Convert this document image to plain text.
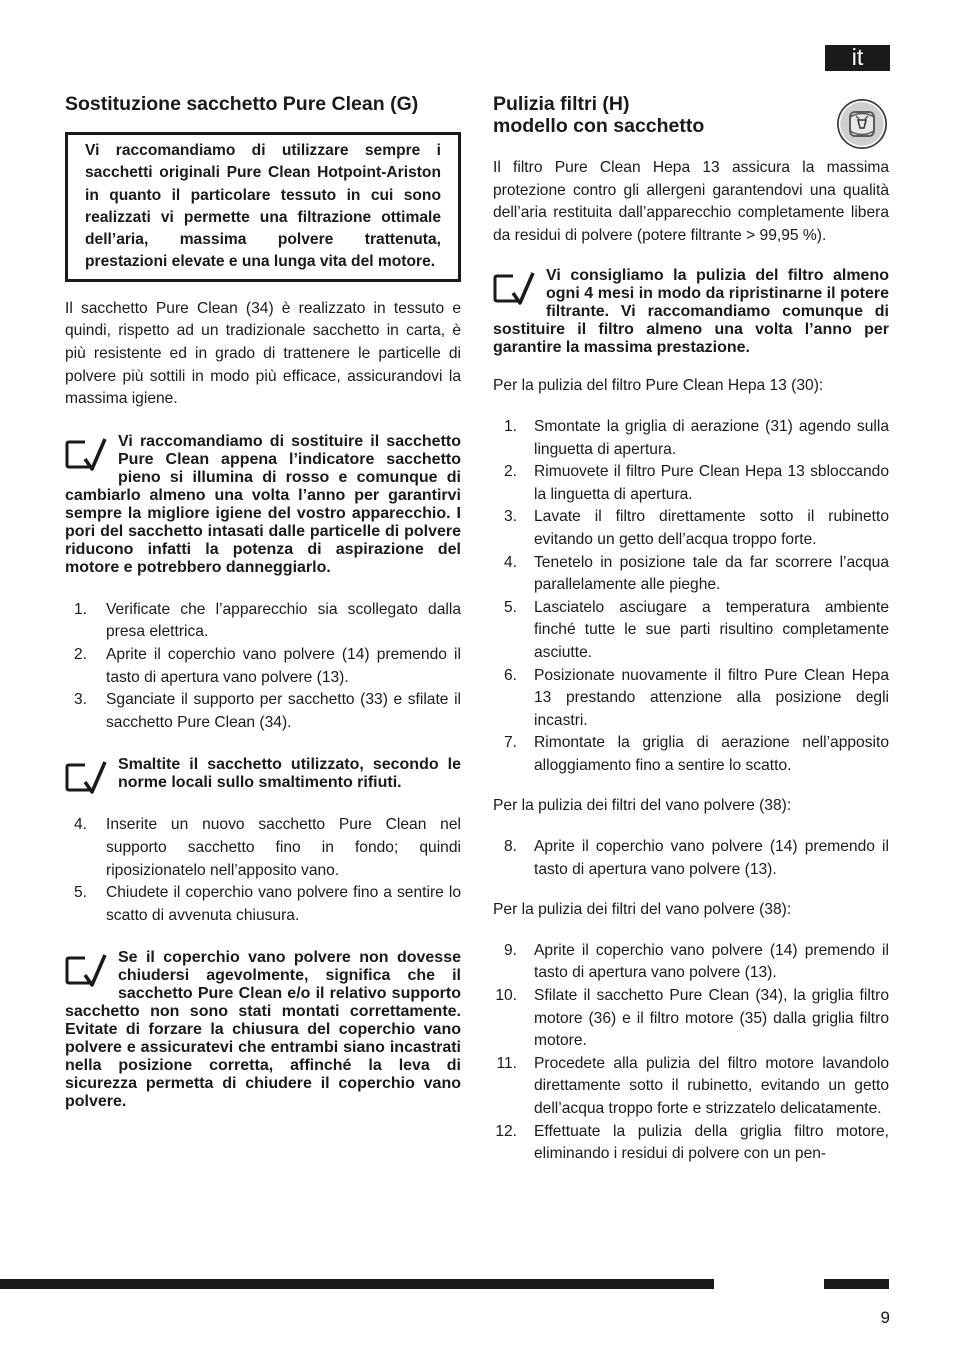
it
Sostituzione sacchetto Pure Clean (G)
Vi raccomandiamo di utilizzare sempre i sacchetti originali Pure Clean Hotpoint-Ariston in quanto il particolare tessuto in cui sono realizzati vi permette una filtrazione ottimale dell’aria, massima polvere trattenuta, prestazioni elevate e una lunga vita del motore.

Il sacchetto Pure Clean (34) è realizzato in tessuto e quindi, rispetto ad un tradizionale sacchetto in carta, è più resistente ed in grado di trattenere le particelle di polvere più sottili in modo più efficace, assicurandovi la massima igiene.

Vi raccomandiamo di sostituire il sacchetto Pure Clean appena l’indicatore sacchetto pieno si illumina di rosso e comunque di cambiarlo almeno una volta l’anno per garantirvi sempre la migliore igiene del vostro apparecchio. I pori del sacchetto intasati dalle particelle di polvere riducono infatti la potenza di aspirazione del motore e potrebbero danneggiarlo.
1. Verificate che l’apparecchio sia scollegato dalla presa elettrica.
2. Aprite il coperchio vano polvere (14) premendo il tasto di apertura vano polvere (13).
3. Sganciate il supporto per sacchetto (33) e sfilate il sacchetto Pure Clean (34).
Smaltite il sacchetto utilizzato, secondo le norme locali sullo smaltimento rifiuti.
4. Inserite un nuovo sacchetto Pure Clean nel supporto sacchetto fino in fondo; quindi riposizionatelo nell’apposito vano.
5. Chiudete il coperchio vano polvere fino a sentire lo scatto di avvenuta chiusura.
Se il coperchio vano polvere non dovesse chiudersi agevolmente, significa che il sacchetto Pure Clean e/o il relativo supporto sacchetto non sono stati montati correttamente. Evitate di forzare la chiusura del coperchio vano polvere e assicuratevi che entrambi siano incastrati nella posizione corretta, affinché la leva di sicurezza permetta di chiudere il coperchio vano polvere.
Pulizia filtri (H)
modello con sacchetto

Il filtro Pure Clean Hepa 13 assicura la massima protezione contro gli allergeni garantendovi una qualità dell’aria restituita dall’apparecchio completamente libera da residui di polvere (potere filtrante > 99,95 %).

Vi consigliamo la pulizia del filtro almeno ogni 4 mesi in modo da ripristinarne il potere filtrante. Vi raccomandiamo comunque di sostituire il filtro almeno una volta l’anno per garantire la massima prestazione.

Per la pulizia del filtro Pure Clean Hepa 13 (30):

1. Smontate la griglia di aerazione (31) agendo sulla linguetta di apertura.
2. Rimuovete il filtro Pure Clean Hepa 13 sbloccando la linguetta di apertura.
3. Lavate il filtro direttamente sotto il rubinetto evitando un getto dell’acqua troppo forte.
4. Tenetelo in posizione tale da far scorrere l’acqua parallelamente alle pieghe.
5. Lasciatelo asciugare a temperatura ambiente finché tutte le sue parti risultino completamente asciutte.
6. Posizionate nuovamente il filtro Pure Clean Hepa 13 prestando attenzione alla posizione degli incastri.
7. Rimontate la griglia di aerazione nell’apposito alloggiamento fino a sentire lo scatto.

Per la pulizia dei filtri del vano polvere (38):

8. Aprite il coperchio vano polvere (14) premendo il tasto di apertura vano polvere (13).

Per la pulizia dei filtri del vano polvere (38):

9. Aprite il coperchio vano polvere (14) premendo il tasto di apertura vano polvere (13).
10. Sfilate il sacchetto Pure Clean (34), la griglia filtro motore (36) e il filtro motore (35) dalla griglia filtro motore.
11. Procedete alla pulizia del filtro motore lavandolo direttamente sotto il rubinetto, evitando un getto dell’acqua troppo forte e strizzatelo delicatamente.
12. Effettuate la pulizia della griglia filtro motore, eliminando i residui di polvere con un pen-
9
